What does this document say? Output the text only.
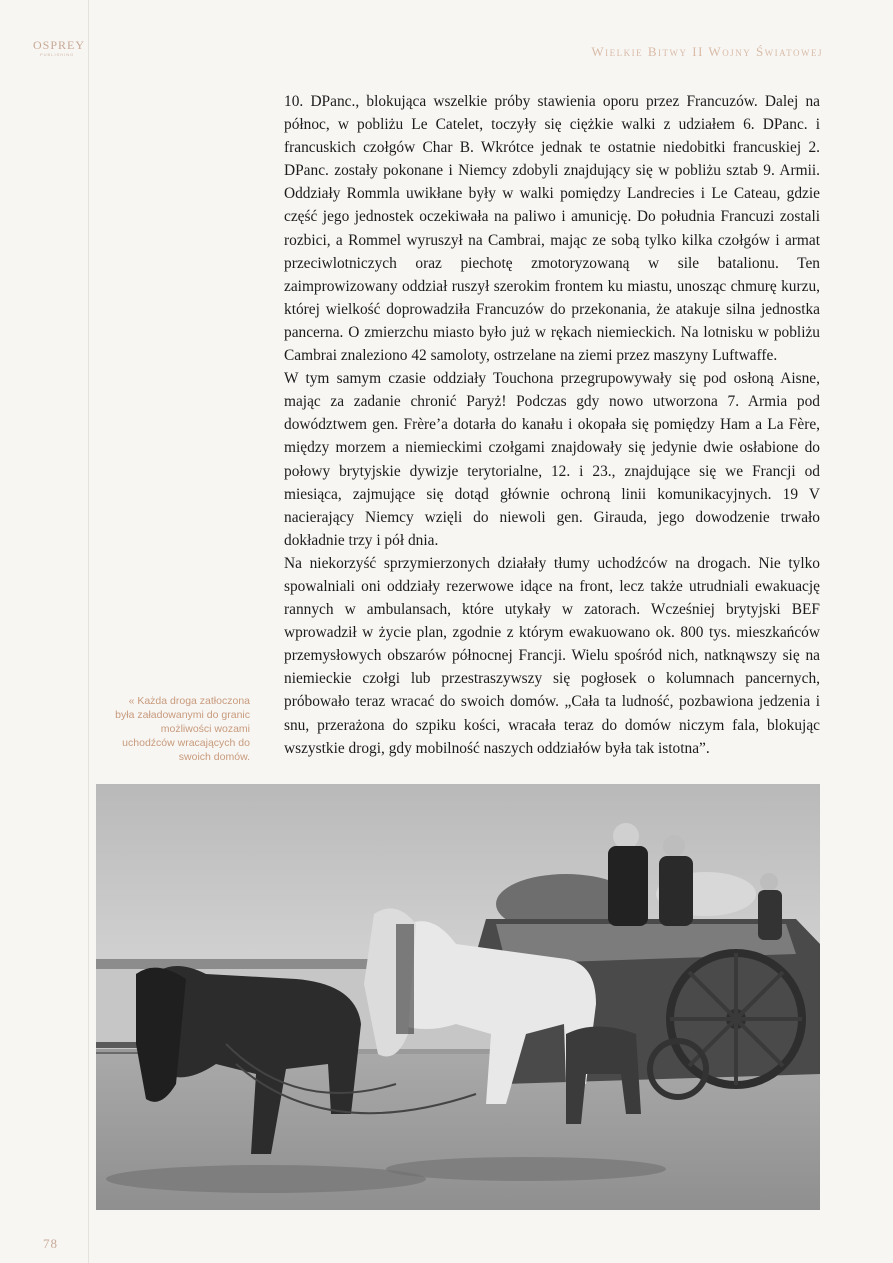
OSPREY
PUBLISHING	Wielkie Bitwy II Wojny Światowej

10. DPanc., blokująca wszelkie próby stawienia oporu przez Francuzów. Dalej na północ, w pobliżu Le Catelet, toczyły się ciężkie walki z udziałem 6. DPanc. i francuskich czołgów Char B. Wkrótce jednak te ostatnie niedobitki francuskiej 2. DPanc. zostały pokonane i Niemcy zdobyli znajdujący się w pobliżu sztab 9. Armii. Oddziały Rommla uwikłane były w walki pomiędzy Landrecies i Le Cateau, gdzie część jego jednostek oczekiwała na paliwo i amunicję. Do południa Francuzi zostali rozbici, a Rommel wyruszył na Cambrai, mając ze sobą tylko kilka czołgów i armat przeciwlotniczych oraz piechotę zmotoryzowaną w sile batalionu. Ten zaimprowizowany oddział ruszył szerokim frontem ku miastu, unosząc chmurę kurzu, której wielkość doprowadziła Francuzów do przekonania, że atakuje silna jednostka pancerna. O zmierzchu miasto było już w rękach niemieckich. Na lotnisku w pobliżu Cambrai znaleziono 42 samoloty, ostrzelane na ziemi przez maszyny Luftwaffe.

W tym samym czasie oddziały Touchona przegrupowywały się pod osłoną Aisne, mając za zadanie chronić Paryż! Podczas gdy nowo utworzona 7. Armia pod dowództwem gen. Frère’a dotarła do kanału i okopała się pomiędzy Ham a La Fère, między morzem a niemieckimi czołgami znajdowały się jedynie dwie osłabione do połowy brytyjskie dywizje terytorialne, 12. i 23., znajdujące się we Francji od miesiąca, zajmujące się dotąd głównie ochroną linii komunikacyjnych. 19 V nacierający Niemcy wzięli do niewoli gen. Girauda, jego dowodzenie trwało dokładnie trzy i pół dnia.

Na niekorzyść sprzymierzonych działały tłumy uchodźców na drogach. Nie tylko spowalniali oni oddziały rezerwowe idące na front, lecz także utrudniali ewakuację rannych w ambulansach, które utykały w zatorach. Wcześniej brytyjski BEF wprowadził w życie plan, zgodnie z którym ewakuowano ok. 800 tys. mieszkańców przemysłowych obszarów północnej Francji. Wielu spośród nich, natknąwszy się na niemieckie czołgi lub przestraszywszy się pogłosek o kolumnach pancernych, próbowało teraz wracać do swoich domów. „Cała ta ludność, pozbawiona jedzenia i snu, przerażona do szpiku kości, wracała teraz do domów niczym fala, blokując wszystkie drogi, gdy mobilność naszych oddziałów była tak istotna”.

« Każda droga zatłoczona była załadowanymi do granic możliwości wozami uchodźców wracających do swoich domów.
78
